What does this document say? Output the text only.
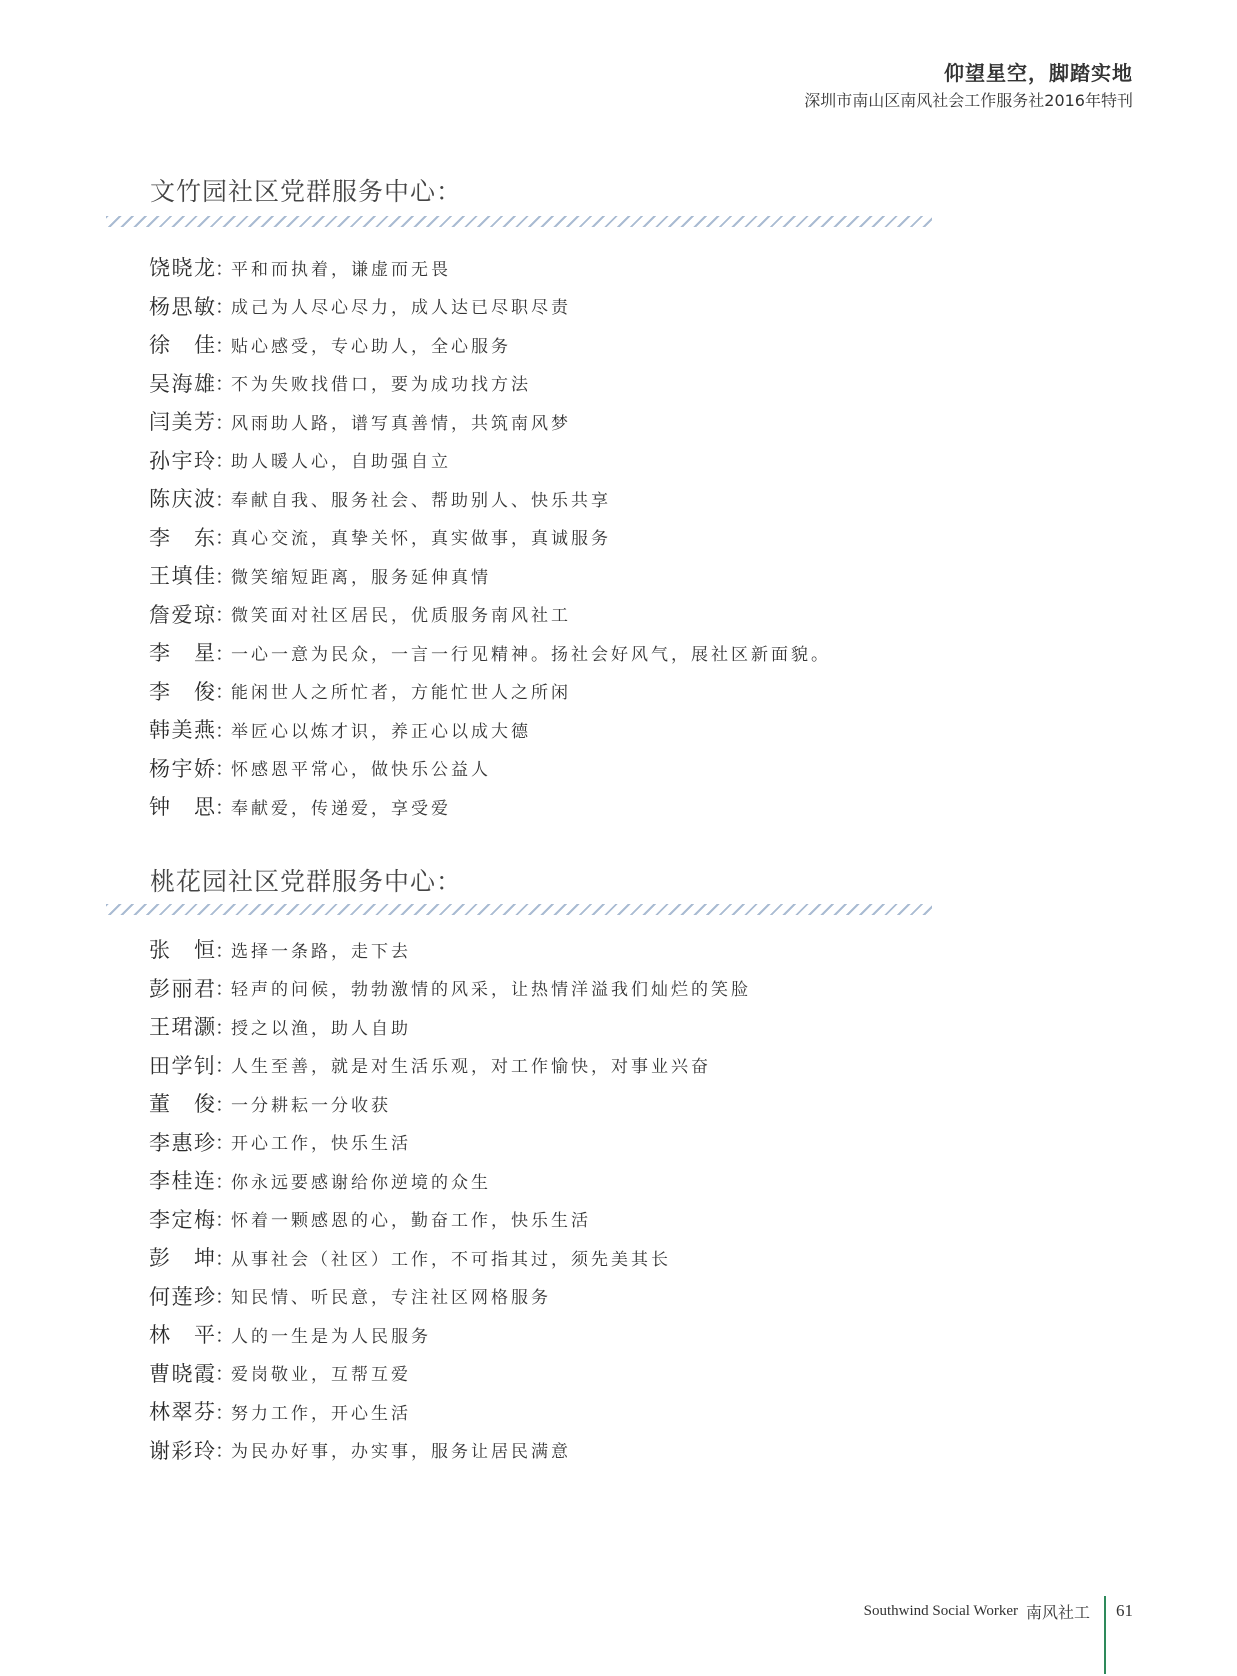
仰望星空，脚踏实地
深圳市南山区南风社会工作服务社2016年特刊
文竹园社区党群服务中心：
饶晓龙 ：
平和而执着，谦虚而无畏
杨思敏 ：
成己为人尽心尽力，成人达已尽职尽责
徐 佳 ：
贴心感受，专心助人，全心服务
吴海雄 ：
不为失败找借口，要为成功找方法
闫美芳 ：
风雨助人路，谱写真善情，共筑南风梦
孙宇玲 ：
助人暖人心，自助强自立
陈庆波 ：
奉献自我、服务社会、帮助别人、快乐共享
李 东 ：
真心交流，真挚关怀，真实做事，真诚服务
王填佳 ：
微笑缩短距离，服务延伸真情
詹爱琼 ：
微笑面对社区居民，优质服务南风社工
李 星 ：
一心一意为民众，一言一行见精神。扬社会好风气，展社区新面貌。
李 俊 ：
能闲世人之所忙者，方能忙世人之所闲
韩美燕 ：
举匠心以炼才识，养正心以成大德
杨宇娇 ：
怀感恩平常心，做快乐公益人
钟 思 ：
奉献爱，传递爱，享受爱
桃花园社区党群服务中心：
张 恒 ：
选择一条路，走下去
彭丽君 ：
轻声的问候，勃勃激情的风采，让热情洋溢我们灿烂的笑脸
王珺灏 ：
授之以渔，助人自助
田学钊 ：
人生至善，就是对生活乐观，对工作愉快，对事业兴奋
董 俊 ：
一分耕耘一分收获
李惠珍 ：
开心工作，快乐生活
李桂连 ：
你永远要感谢给你逆境的众生
李定梅 ：
怀着一颗感恩的心，勤奋工作，快乐生活
彭 坤 ：
从事社会（社区）工作，不可指其过，须先美其长
何莲珍 ：
知民情、听民意，专注社区网格服务
林 平 ：
人的一生是为人民服务
曹晓霞 ：
爱岗敬业，互帮互爱
林翠芬 ：
努力工作，开心生活
谢彩玲 ：
为民办好事，办实事，服务让居民满意
Southwind Social Worker 南风社工 61
